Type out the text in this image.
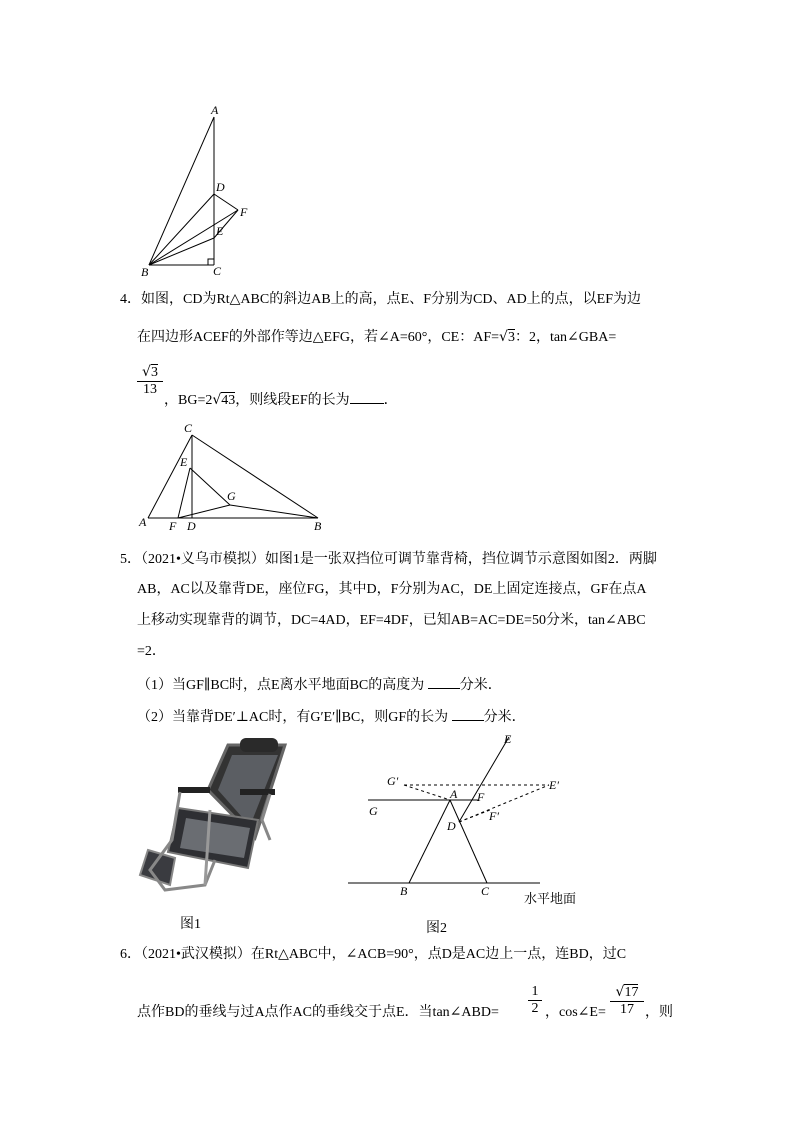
A
D
F
E
B	C
4．如图，CD为Rt△ABC的斜边AB上的高，点E、F分别为CD、AD上的点，以EF为边
在四边形ACEF的外部作等边△EFG，若∠A=60°，CE：AF=√3：2，tan∠GBA=
$\frac{√3}{13}$
，BG=2√43，则线段EF的长为 ．
C
E
G
A F D	B
5．（2021•义乌市模拟）如图1是一张双挡位可调节靠背椅，挡位调节示意图如图2．两脚
AB，AC以及靠背DE，座位FG，其中D，F分别为AC，DE上固定连接点，GF在点A
上移动实现靠背的调节，DC=4AD，EF=4DF，已知AB=AC=DE=50分米，tan∠ABC
=2．
（1）当GF∥BC时，点E离水平地面BC的高度为	分米．
（2）当靠背DE′⊥AC时，有G′E′∥BC，则GF的长为	分米．
E
G′	E′
A F
G
D
F′
B	C	水平地面
图1	图2
6．（2021•武汉模拟）在Rt△ABC中，∠ACB=90°，点D是AC边上一点，连BD，过C
点作BD的垂线与过A点作AC的垂线交于点E．当tan∠ABD= $\frac{1}{2}$ ，cos∠E= $\frac{√17}{17}$ ，则
